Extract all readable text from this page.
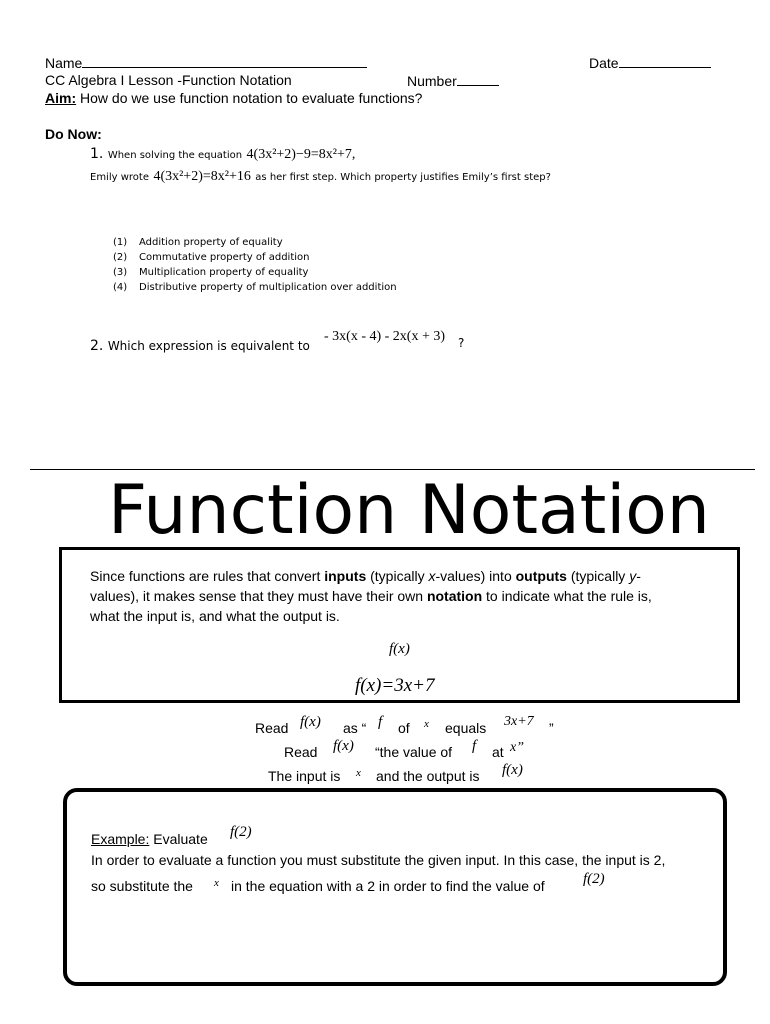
Name	Date
CC Algebra I Lesson -Function Notation	Number
Aim: How do we use function notation to evaluate functions?
Do Now:
1. When solving the equation 4(3x²+2)−9=8x²+7,
Emily wrote 4(3x²+2)=8x²+16 as her first step. Which property justifies Emily’s first step?
(1) Addition property of equality
(2) Commutative property of addition
(3) Multiplication property of equality
(4) Distributive property of multiplication over addition
2. Which expression is equivalent to
- 3x(x - 4) - 2x(x + 3) ?
Function Notation
Since functions are rules that convert inputs (typically x-values) into outputs (typically y-
values), it makes sense that they must have their own notation to indicate what the rule is,
what the input is, and what the output is.
f(x)
f(x)=3x+7
Read f(x) as “ f of x equals 3x+7 ”
Read f(x) “the value of f at x”
The input is x and the output is f(x)
Example: Evaluate f(2)
In order to evaluate a function you must substitute the given input. In this case, the input is 2,
so substitute the x in the equation with a 2 in order to find the value of	f(2)
